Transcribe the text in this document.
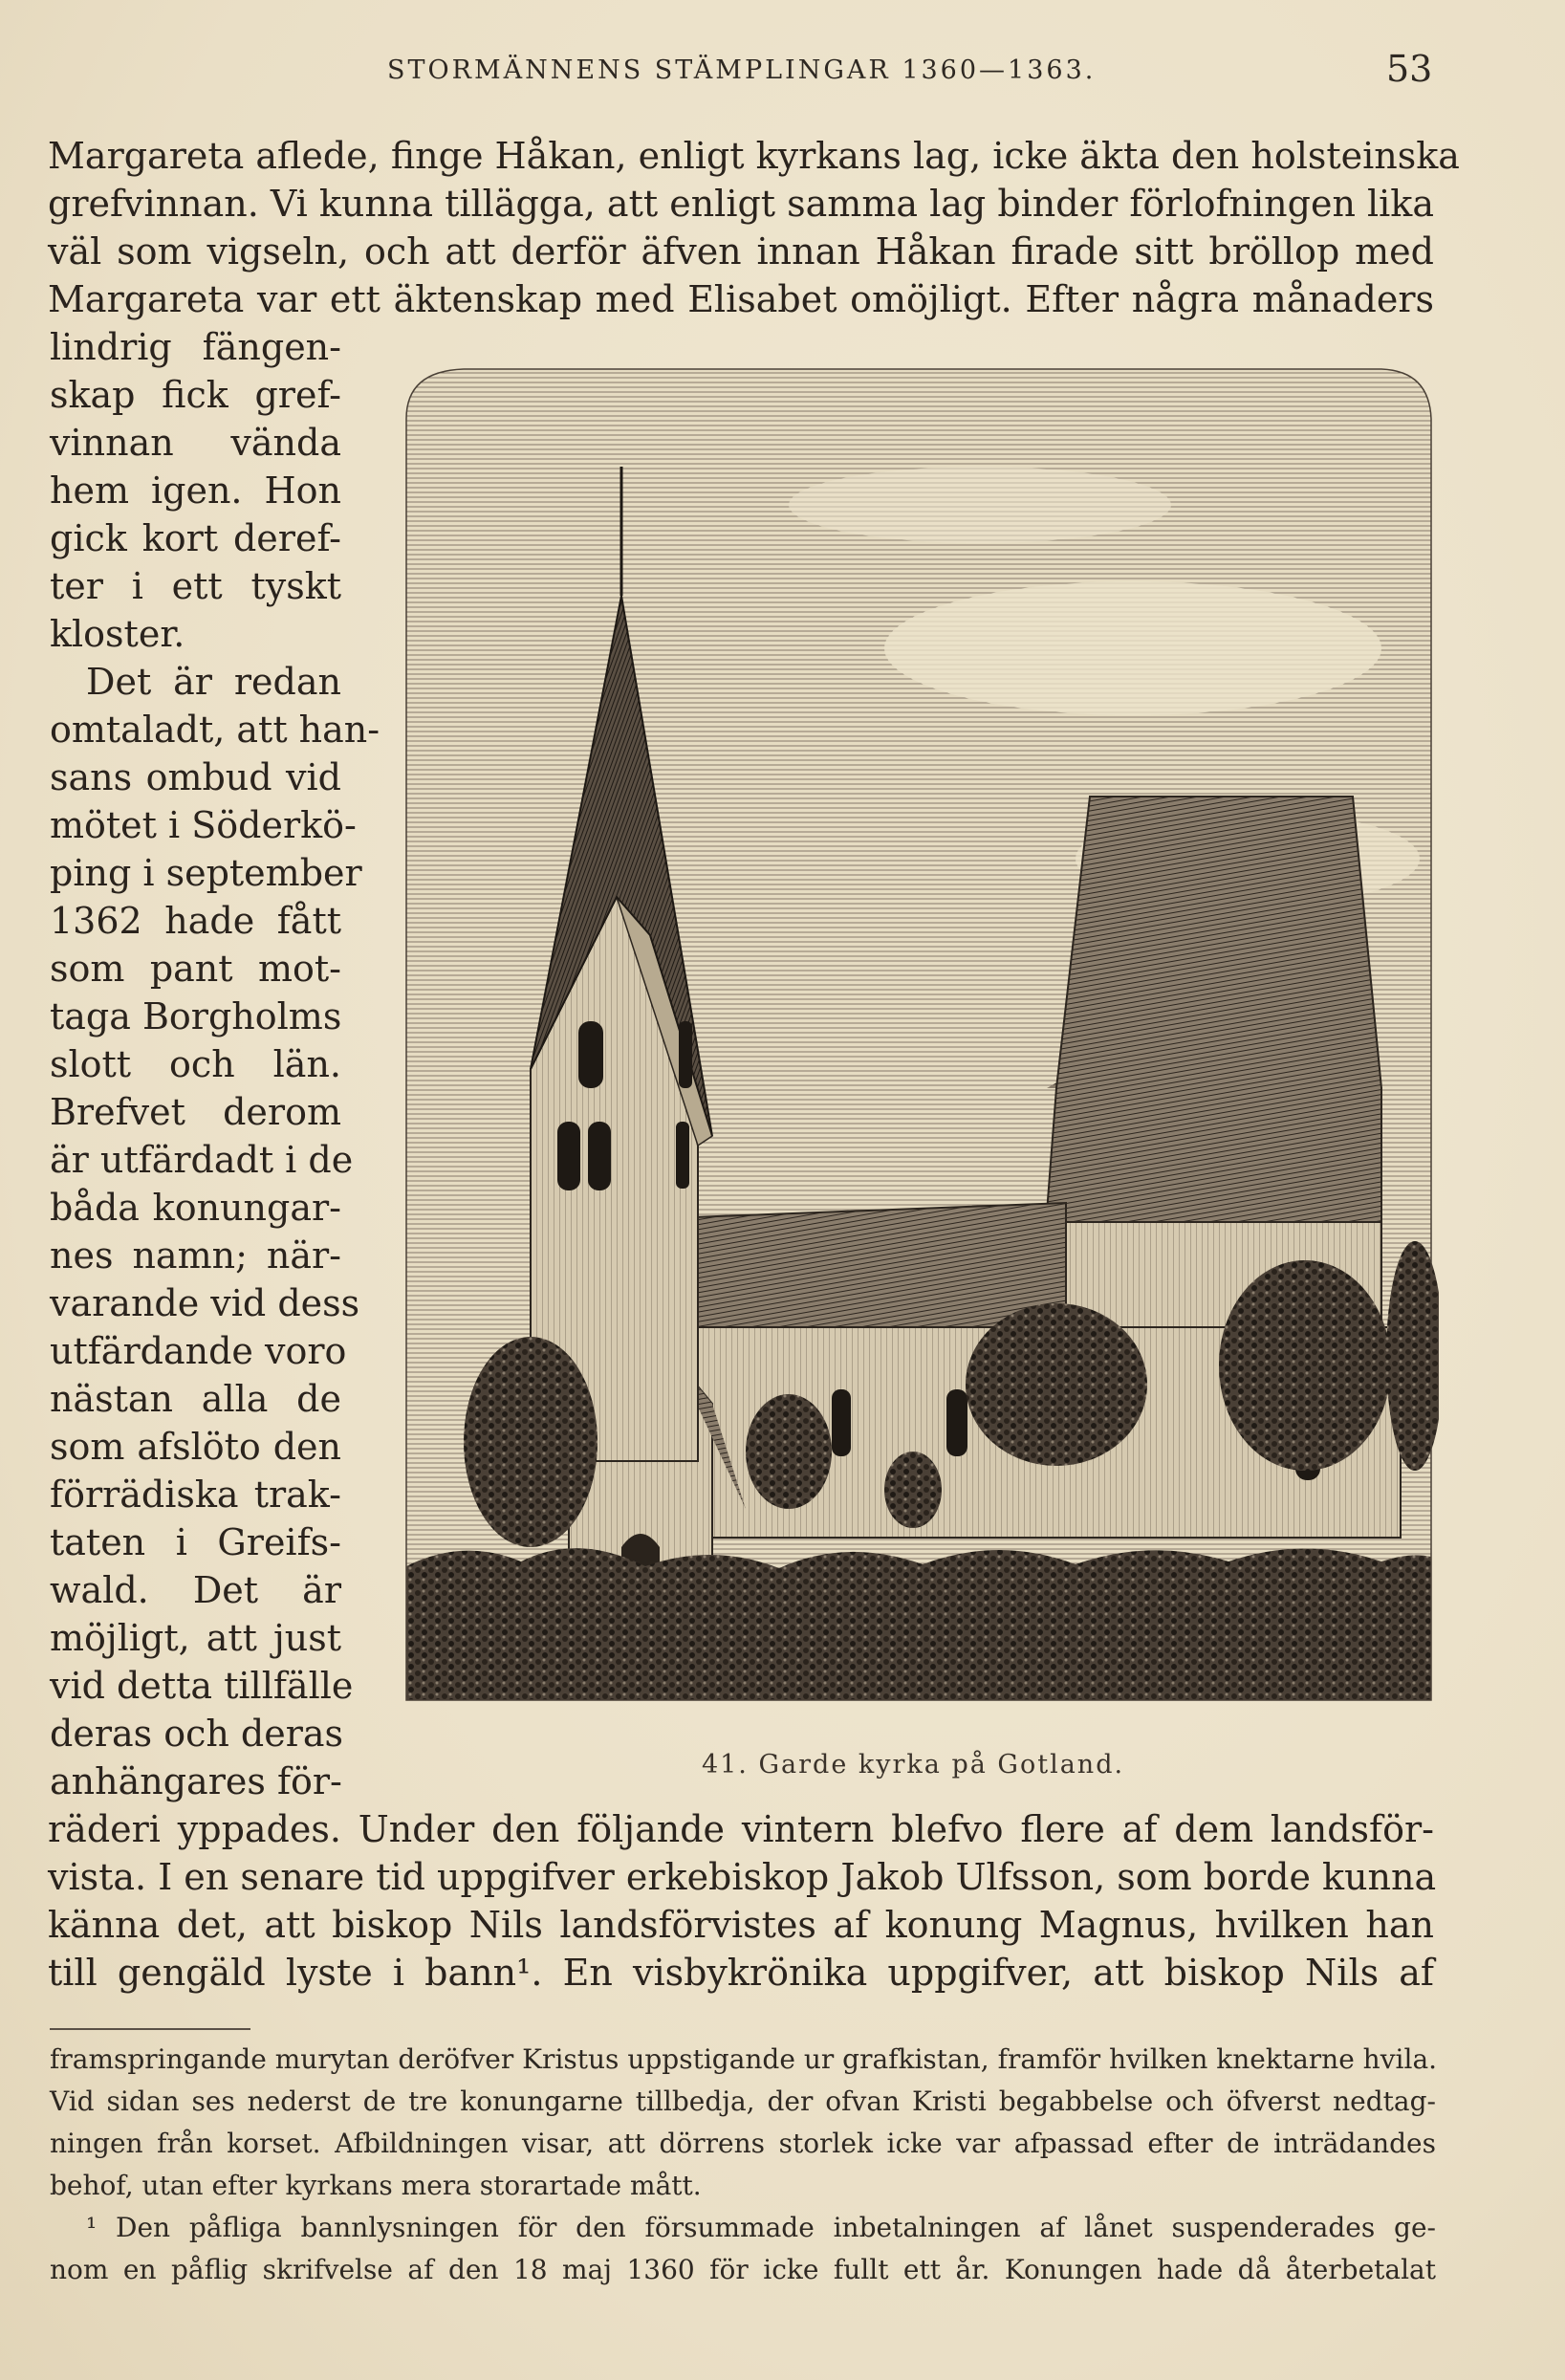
STORMÄNNENS STÄMPLINGAR 1360—1363.	53

Margareta aflede, finge Håkan, enligt kyrkans lag, icke äkta den holsteinska

grefvinnan. Vi kunna tillägga, att enligt samma lag binder förlofningen lika

väl som vigseln, och att derför äfven innan Håkan firade sitt bröllop med

Margareta var ett äktenskap med Elisabet omöjligt. Efter några månaders

lindrig fängen-

skap fick gref-

vinnan vända

hem igen. Hon

gick kort deref-

ter i ett tyskt

kloster.

Det är redan

omtaladt, att han-

sans ombud vid

mötet i Söderkö-

ping i september

1362 hade fått

som pant mot-

taga Borgholms

slott och län.

Brefvet derom

är utfärdadt i de

båda konungar-

nes namn; när-

varande vid dess

utfärdande voro

nästan alla de

som afslöto den

förrädiska trak-

taten i Greifs-

wald. Det är

möjligt, att just

vid detta tillfälle

deras och deras

anhängares för-	41. Garde kyrka på Gotland.

räderi yppades. Under den följande vintern blefvo flere af dem landsför-

vista. I en senare tid uppgifver erkebiskop Jakob Ulfsson, som borde kunna

känna det, att biskop Nils landsförvistes af konung Magnus, hvilken han

till gengäld lyste i bann¹. En visbykrönika uppgifver, att biskop Nils af

framspringande murytan deröfver Kristus uppstigande ur grafkistan, framför hvilken knektarne hvila.

Vid sidan ses nederst de tre konungarne tillbedja, der ofvan Kristi begabbelse och öfverst nedtag-

ningen från korset. Afbildningen visar, att dörrens storlek icke var afpassad efter de inträdandes

behof, utan efter kyrkans mera storartade mått.

¹ Den påfliga bannlysningen för den försummade inbetalningen af lånet suspenderades ge-

nom en påflig skrifvelse af den 18 maj 1360 för icke fullt ett år. Konungen hade då återbetalat
